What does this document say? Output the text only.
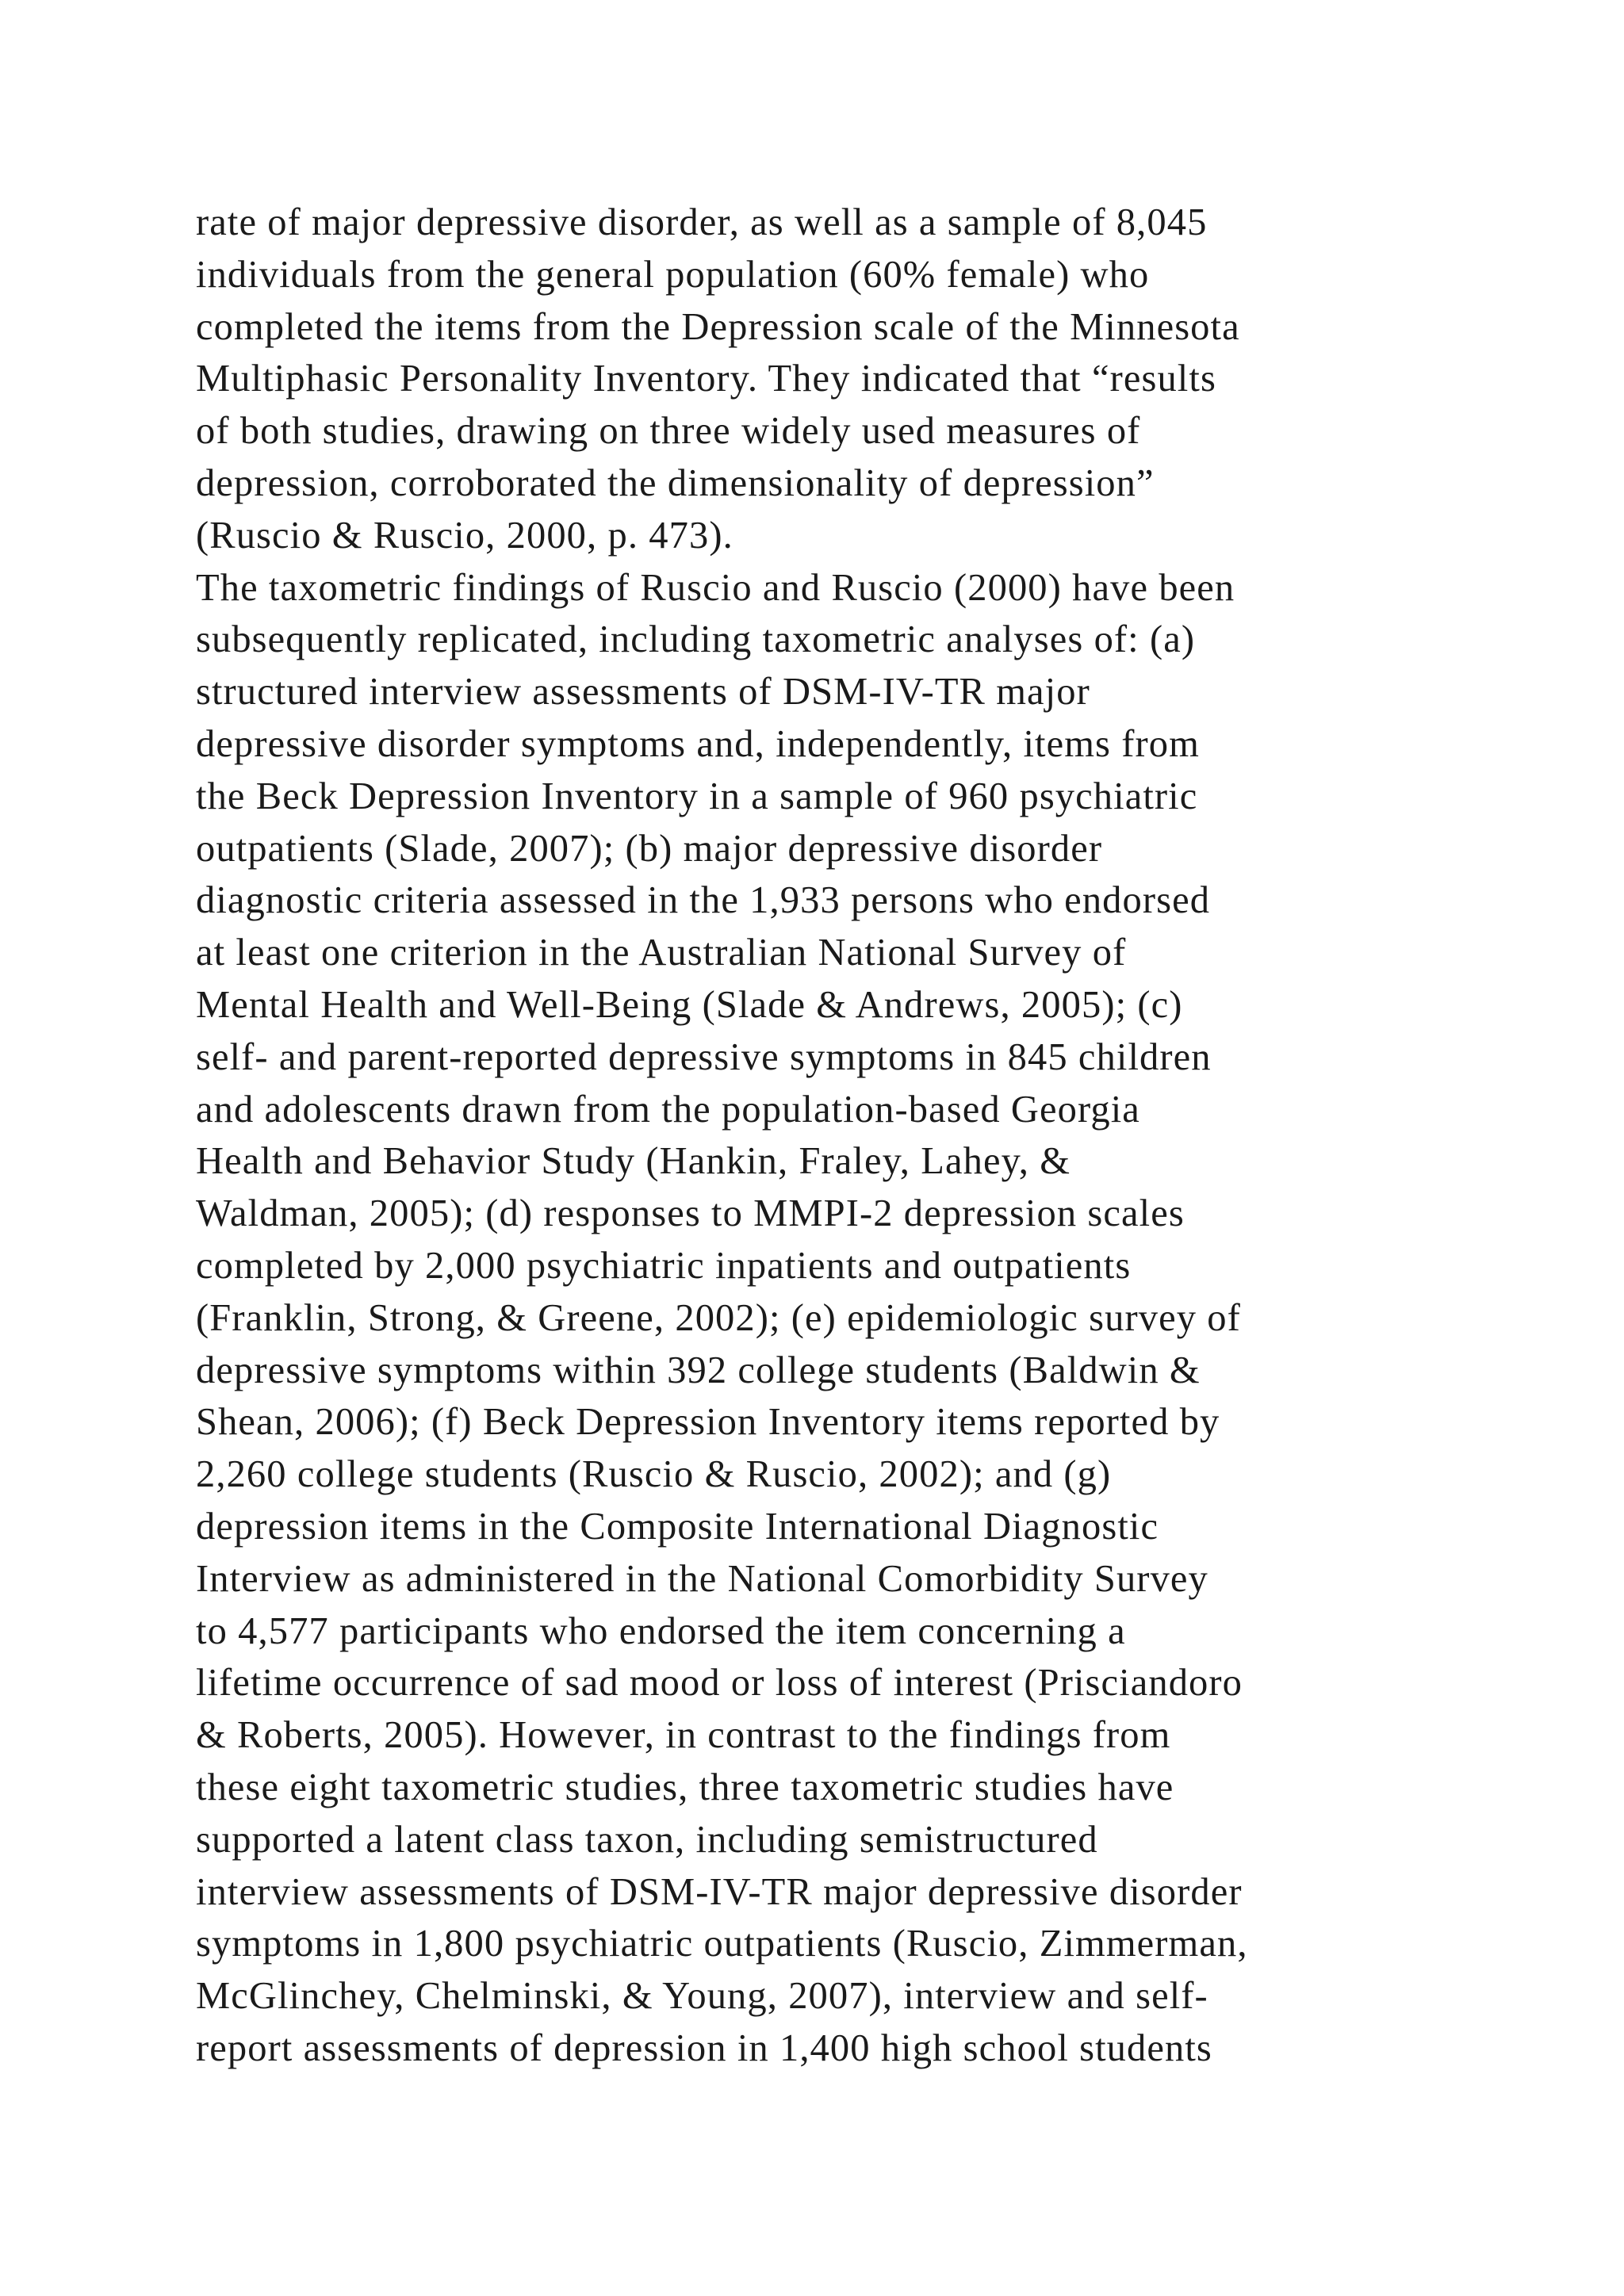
rate of major depressive disorder, as well as a sample of 8,045
individuals from the general population (60% female) who
completed the items from the Depression scale of the Minnesota
Multiphasic Personality Inventory. They indicated that “results
of both studies, drawing on three widely used measures of
depression, corroborated the dimensionality of depression”
(Ruscio & Ruscio, 2000, p. 473).
The taxometric findings of Ruscio and Ruscio (2000) have been
subsequently replicated, including taxometric analyses of: (a)
structured interview assessments of DSM-IV-TR major
depressive disorder symptoms and, independently, items from
the Beck Depression Inventory in a sample of 960 psychiatric
outpatients (Slade, 2007); (b) major depressive disorder
diagnostic criteria assessed in the 1,933 persons who endorsed
at least one criterion in the Australian National Survey of
Mental Health and Well-Being (Slade & Andrews, 2005); (c)
self- and parent-reported depressive symptoms in 845 children
and adolescents drawn from the population-based Georgia
Health and Behavior Study (Hankin, Fraley, Lahey, &
Waldman, 2005); (d) responses to MMPI-2 depression scales
completed by 2,000 psychiatric inpatients and outpatients
(Franklin, Strong, & Greene, 2002); (e) epidemiologic survey of
depressive symptoms within 392 college students (Baldwin &
Shean, 2006); (f) Beck Depression Inventory items reported by
2,260 college students (Ruscio & Ruscio, 2002); and (g)
depression items in the Composite International Diagnostic
Interview as administered in the National Comorbidity Survey
to 4,577 participants who endorsed the item concerning a
lifetime occurrence of sad mood or loss of interest (Prisciandoro
& Roberts, 2005). However, in contrast to the findings from
these eight taxometric studies, three taxometric studies have
supported a latent class taxon, including semistructured
interview assessments of DSM-IV-TR major depressive disorder
symptoms in 1,800 psychiatric outpatients (Ruscio, Zimmerman,
McGlinchey, Chelminski, & Young, 2007), interview and self-
report assessments of depression in 1,400 high school students
